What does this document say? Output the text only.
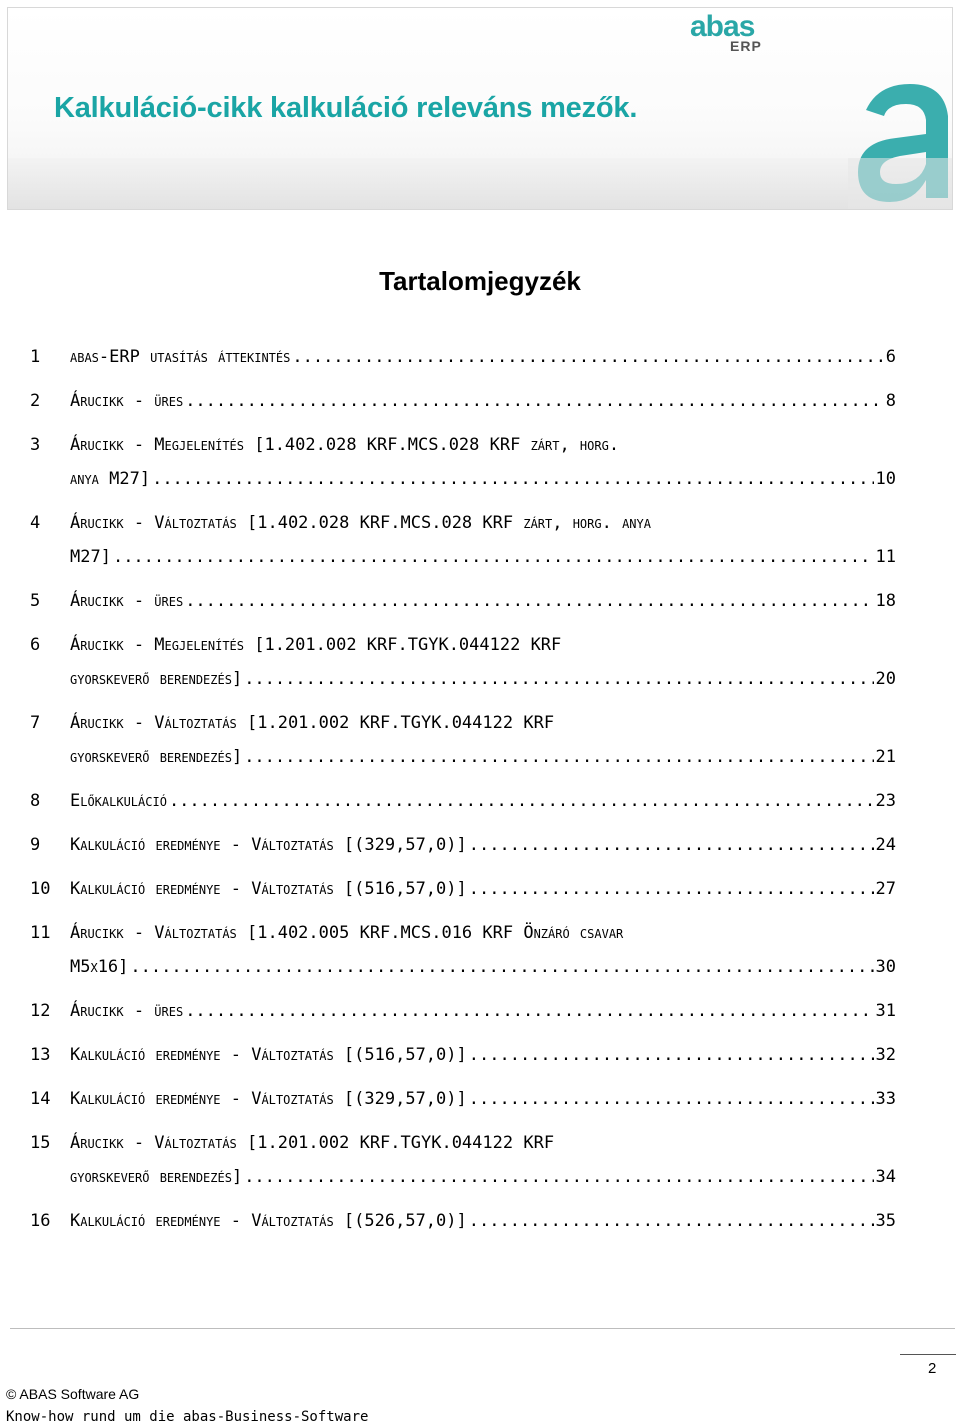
Kalkuláció-cikk kalkuláció releváns mezők.
abas
ERP
Tartalomjegyzék
1	abas-ERP utasítás áttekintés .....	6
2	Árucikk - üres .....	8
3	Árucikk - Megjelenítés [1.402.028 KRF.MCS.028 KRF zárt, horg.
anya M27] .....	10
4	Árucikk - Változtatás [1.402.028 KRF.MCS.028 KRF zárt, horg. anya
M27] .....	11
5	Árucikk - üres .....	18
6	Árucikk - Megjelenítés [1.201.002 KRF.TGYK.044122 KRF
gyorskeverő berendezés] .....	20
7	Árucikk - Változtatás [1.201.002 KRF.TGYK.044122 KRF
gyorskeverő berendezés] .....	21
8	Előkalkuláció .....	23
9	Kalkuláció eredménye - Változtatás [(329,57,0)] .....	24
10	Kalkuláció eredménye - Változtatás [(516,57,0)] .....	27
11	Árucikk - Változtatás [1.402.005 KRF.MCS.016 KRF Önzáró csavar
M5x16] .....	30
12	Árucikk - üres .....	31
13	Kalkuláció eredménye - Változtatás [(516,57,0)] .....	32
14	Kalkuláció eredménye - Változtatás [(329,57,0)] .....	33
15	Árucikk - Változtatás [1.201.002 KRF.TGYK.044122 KRF
gyorskeverő berendezés] .....	34
16	Kalkuláció eredménye - Változtatás [(526,57,0)] .....	35
2
© ABAS Software AG
Know-how rund um die abas-Business-Software
